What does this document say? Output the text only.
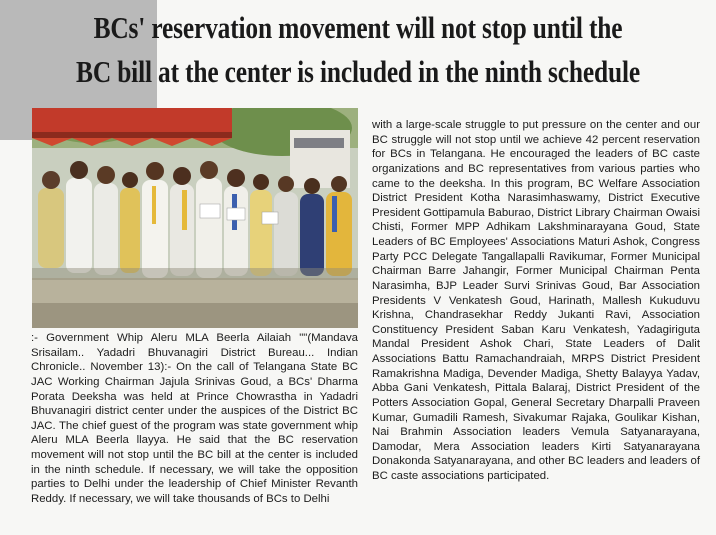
BCs' reservation movement will not stop until the
BC bill at the center is included in the ninth schedule

with a large-scale struggle to put pressure on the center and our BC struggle will not stop until we achieve 42 percent reservation for BCs in Telangana. He encouraged the leaders of BC caste organizations and BC representatives from various parties who came to the deeksha. In this program, BC Welfare Association District President Kotha Narasimhaswamy, District Executive President Gottipamula Baburao, District Library Chairman Owaisi Chisti, Former MPP Adhikam Lakshminarayana Goud, State Leaders of BC Employees' Associations Maturi Ashok, Congress Party PCC Delegate Tangallapalli Ravikumar, Former Municipal Chairman Barre Jahangir, Former Municipal Chairman Penta Narasimha, BJP Leader Survi Srinivas Goud, Bar Association Presidents V Venkatesh Goud, Harinath, Mallesh Kukuduvu Krishna, Chandrasekhar Reddy Jukanti Ravi, Association Constituency President Saban Karu Venkatesh, Yadagiriguta Mandal President Ashok Chari, State Leaders of Dalit Associations Battu Ramachandraiah, MRPS District President Ramakrishna Madiga, Devender Madiga, Shetty Balayya Yadav, Abba Gani Venkatesh, Pittala Balaraj, District President of the Potters Association Gopal, General Secretary Dharpalli Praveen Kumar, Gumadili Ramesh, Sivakumar Rajaka, Goulikar Kishan, Nai Brahmin Association leaders Vemula Satyanarayana, Damodar, Mera Association leaders Kirti Satyanarayana Donakonda Satyanarayana, and other BC leaders and leaders of BC caste associations participated.

:- Government Whip Aleru MLA Beerla Ailaiah ""(Mandava Srisailam.. Yadadri Bhuvanagiri District Bureau... Indian Chronicle.. November 13):- On the call of Telangana State BC JAC Working Chairman Jajula Srinivas Goud, a BCs' Dharma Porata Deeksha was held at Prince Chowrastha in Yadadri Bhuvanagiri district center under the auspices of the District BC JAC. The chief guest of the program was state government whip Aleru MLA Beerla llayya. He said that the BC reservation movement will not stop until the BC bill at the center is included in the ninth schedule. If necessary, we will take the opposition parties to Delhi under the leadership of Chief Minister Revanth Reddy. If necessary, we will take thousands of BCs to Delhi
